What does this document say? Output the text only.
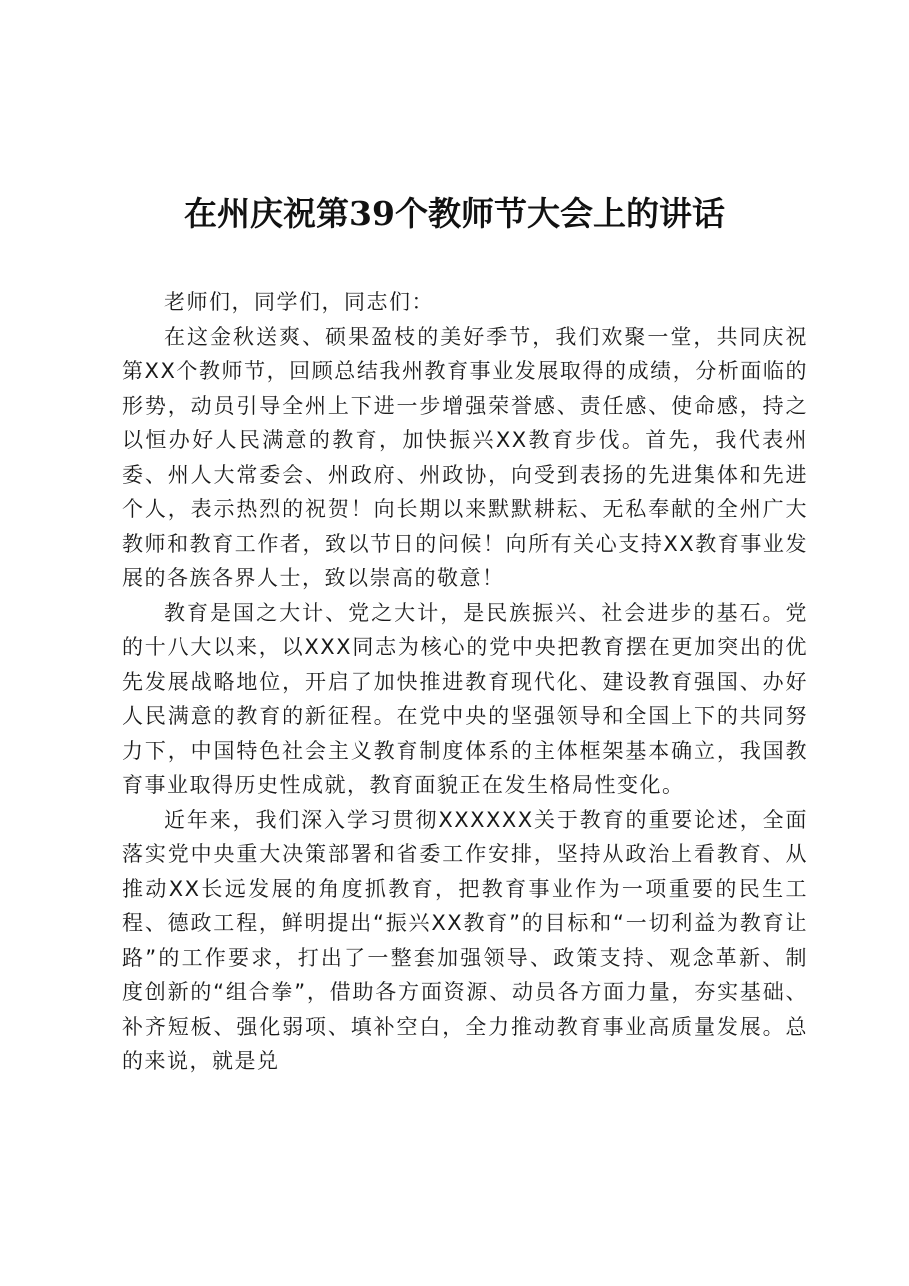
在州庆祝第39个教师节大会上的讲话

老师们，同学们，同志们：

在这金秋送爽、硕果盈枝的美好季节，我们欢聚一堂，共同庆祝第XX个教师节，回顾总结我州教育事业发展取得的成绩，分析面临的形势，动员引导全州上下进一步增强荣誉感、责任感、使命感，持之以恒办好人民满意的教育，加快振兴XX教育步伐。首先，我代表州委、州人大常委会、州政府、州政协，向受到表扬的先进集体和先进个人，表示热烈的祝贺！向长期以来默默耕耘、无私奉献的全州广大教师和教育工作者，致以节日的问候！向所有关心支持XX教育事业发展的各族各界人士，致以崇高的敬意！

教育是国之大计、党之大计，是民族振兴、社会进步的基石。党的十八大以来，以XXX同志为核心的党中央把教育摆在更加突出的优先发展战略地位，开启了加快推进教育现代化、建设教育强国、办好人民满意的教育的新征程。在党中央的坚强领导和全国上下的共同努力下，中国特色社会主义教育制度体系的主体框架基本确立，我国教育事业取得历史性成就，教育面貌正在发生格局性变化。

近年来，我们深入学习贯彻XXXXXX关于教育的重要论述，全面落实党中央重大决策部署和省委工作安排，坚持从政治上看教育、从推动XX长远发展的角度抓教育，把教育事业作为一项重要的民生工程、德政工程，鲜明提出“振兴XX教育”的目标和“一切利益为教育让路”的工作要求，打出了一整套加强领导、政策支持、观念革新、制度创新的“组合拳”，借助各方面资源、动员各方面力量，夯实基础、补齐短板、强化弱项、填补空白，全力推动教育事业高质量发展。总的来说，就是兑
